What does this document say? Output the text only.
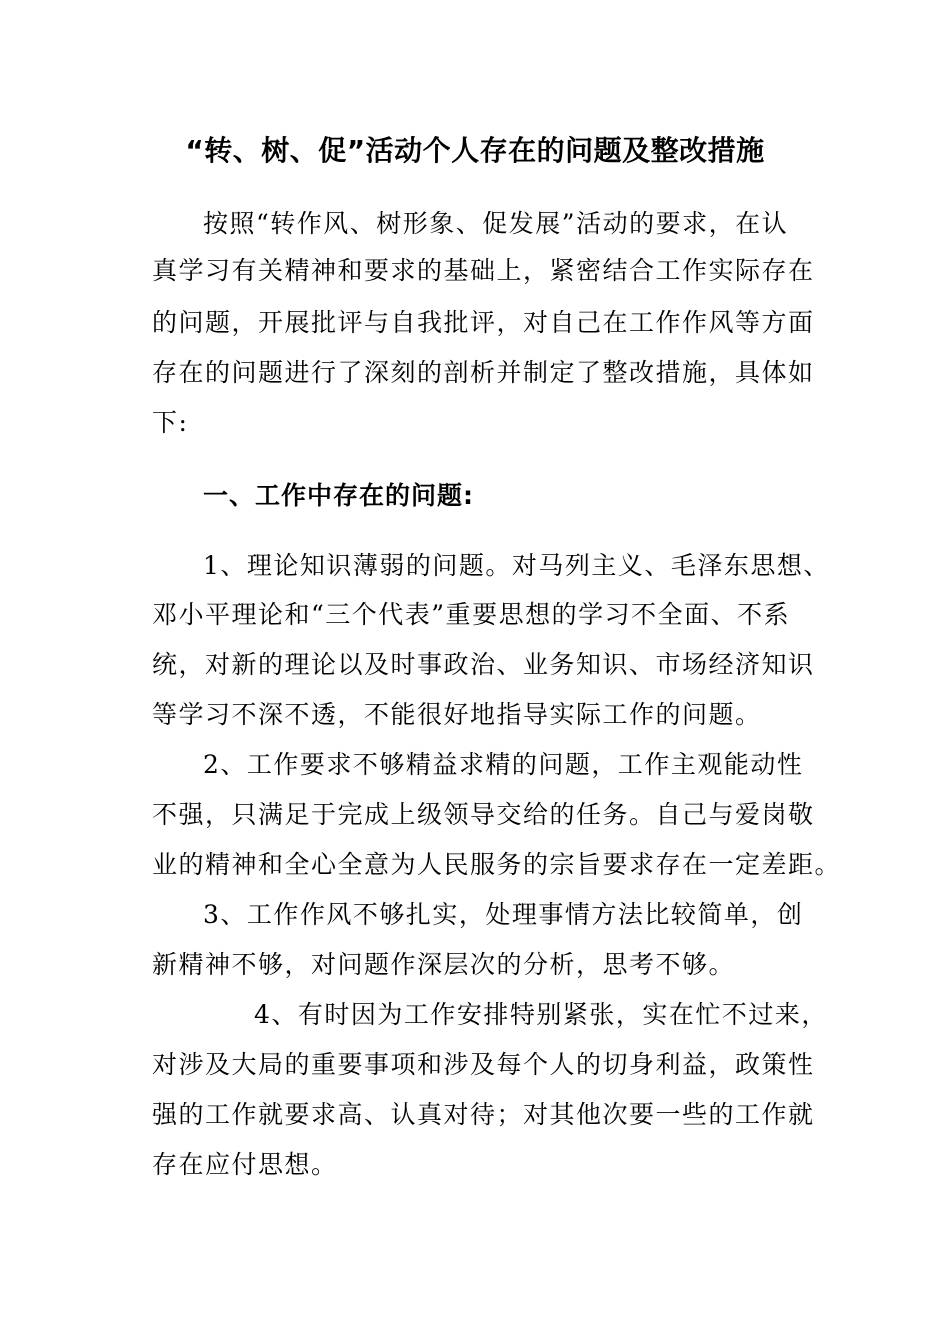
“转、树、促”活动个人存在的问题及整改措施
按照“转作风、树形象、促发展”活动的要求，在认
真学习有关精神和要求的基础上，紧密结合工作实际存在
的问题，开展批评与自我批评，对自己在工作作风等方面
存在的问题进行了深刻的剖析并制定了整改措施，具体如
下:
一、工作中存在的问题:
1、理论知识薄弱的问题。对马列主义、毛泽东思想、
邓小平理论和“三个代表”重要思想的学习不全面、不系
统，对新的理论以及时事政治、业务知识、市场经济知识
等学习不深不透，不能很好地指导实际工作的问题。
2、工作要求不够精益求精的问题，工作主观能动性
不强，只满足于完成上级领导交给的任务。自己与爱岗敬
业的精神和全心全意为人民服务的宗旨要求存在一定差距。
3、工作作风不够扎实，处理事情方法比较简单，创
新精神不够，对问题作深层次的分析，思考不够。
4、有时因为工作安排特别紧张，实在忙不过来，
对涉及大局的重要事项和涉及每个人的切身利益，政策性
强的工作就要求高、认真对待；对其他次要一些的工作就
存在应付思想。
